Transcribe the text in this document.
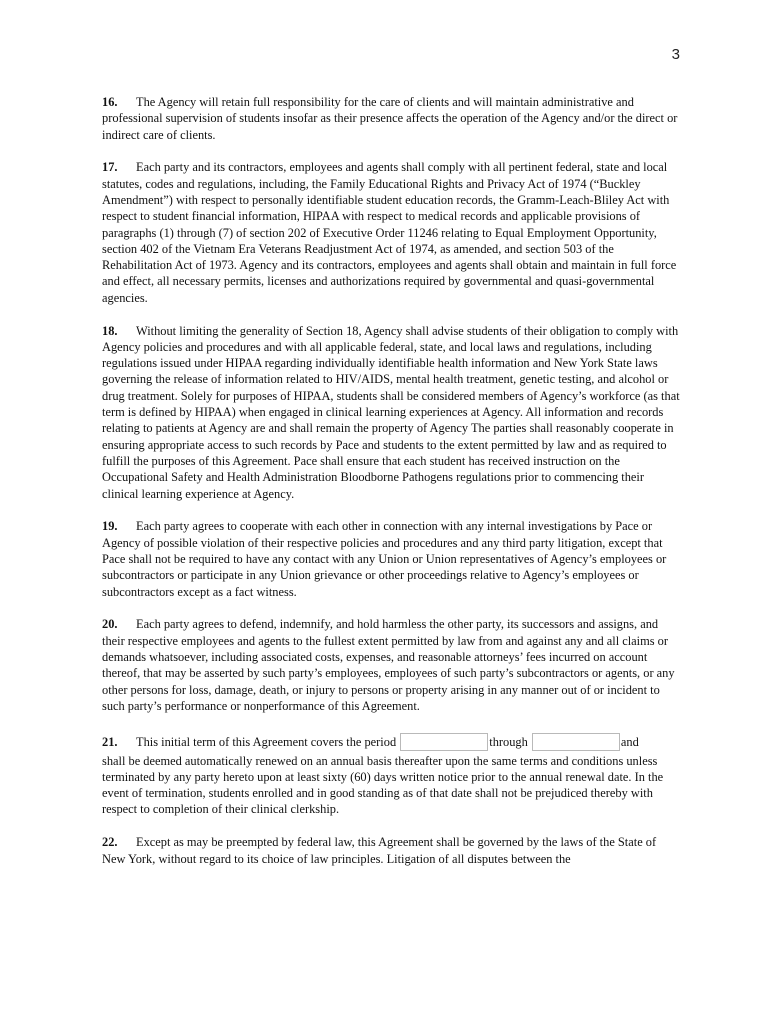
3

16. The Agency will retain full responsibility for the care of clients and will maintain administrative and professional supervision of students insofar as their presence affects the operation of the Agency and/or the direct or indirect care of clients.

17. Each party and its contractors, employees and agents shall comply with all pertinent federal, state and local statutes, codes and regulations, including, the Family Educational Rights and Privacy Act of 1974 (“Buckley Amendment”) with respect to personally identifiable student education records, the Gramm-Leach-Bliley Act with respect to student financial information, HIPAA with respect to medical records and applicable provisions of paragraphs (1) through (7) of section 202 of Executive Order 11246 relating to Equal Employment Opportunity, section 402 of the Vietnam Era Veterans Readjustment Act of 1974, as amended, and section 503 of the Rehabilitation Act of 1973. Agency and its contractors, employees and agents shall obtain and maintain in full force and effect, all necessary permits, licenses and authorizations required by governmental and quasi-governmental agencies.

18. Without limiting the generality of Section 18, Agency shall advise students of their obligation to comply with Agency policies and procedures and with all applicable federal, state, and local laws and regulations, including regulations issued under HIPAA regarding individually identifiable health information and New York State laws governing the release of information related to HIV/AIDS, mental health treatment, genetic testing, and alcohol or drug treatment. Solely for purposes of HIPAA, students shall be considered members of Agency’s workforce (as that term is defined by HIPAA) when engaged in clinical learning experiences at Agency. All information and records relating to patients at Agency are and shall remain the property of Agency The parties shall reasonably cooperate in ensuring appropriate access to such records by Pace and students to the extent permitted by law and as required to fulfill the purposes of this Agreement. Pace shall ensure that each student has received instruction on the Occupational Safety and Health Administration Bloodborne Pathogens regulations prior to commencing their clinical learning experience at Agency.

19. Each party agrees to cooperate with each other in connection with any internal investigations by Pace or Agency of possible violation of their respective policies and procedures and any third party litigation, except that Pace shall not be required to have any contact with any Union or Union representatives of Agency’s employees or subcontractors or participate in any Union grievance or other proceedings relative to Agency’s employees or subcontractors except as a fact witness.

20. Each party agrees to defend, indemnify, and hold harmless the other party, its successors and assigns, and their respective employees and agents to the fullest extent permitted by law from and against any and all claims or demands whatsoever, including associated costs, expenses, and reasonable attorneys’ fees incurred on account thereof, that may be asserted by such party’s employees, employees of such party’s subcontractors or agents, or any other persons for loss, damage, death, or injury to persons or property arising in any manner out of or incident to such party’s performance or nonperformance of this Agreement.

21. This initial term of this Agreement covers the period	through	and
shall be deemed automatically renewed on an annual basis thereafter upon the same terms and conditions unless terminated by any party hereto upon at least sixty (60) days written notice prior to the annual renewal date. In the event of termination, students enrolled and in good standing as of that date shall not be prejudiced thereby with respect to completion of their clinical clerkship.

22. Except as may be preempted by federal law, this Agreement shall be governed by the laws of the State of New York, without regard to its choice of law principles. Litigation of all disputes between the
